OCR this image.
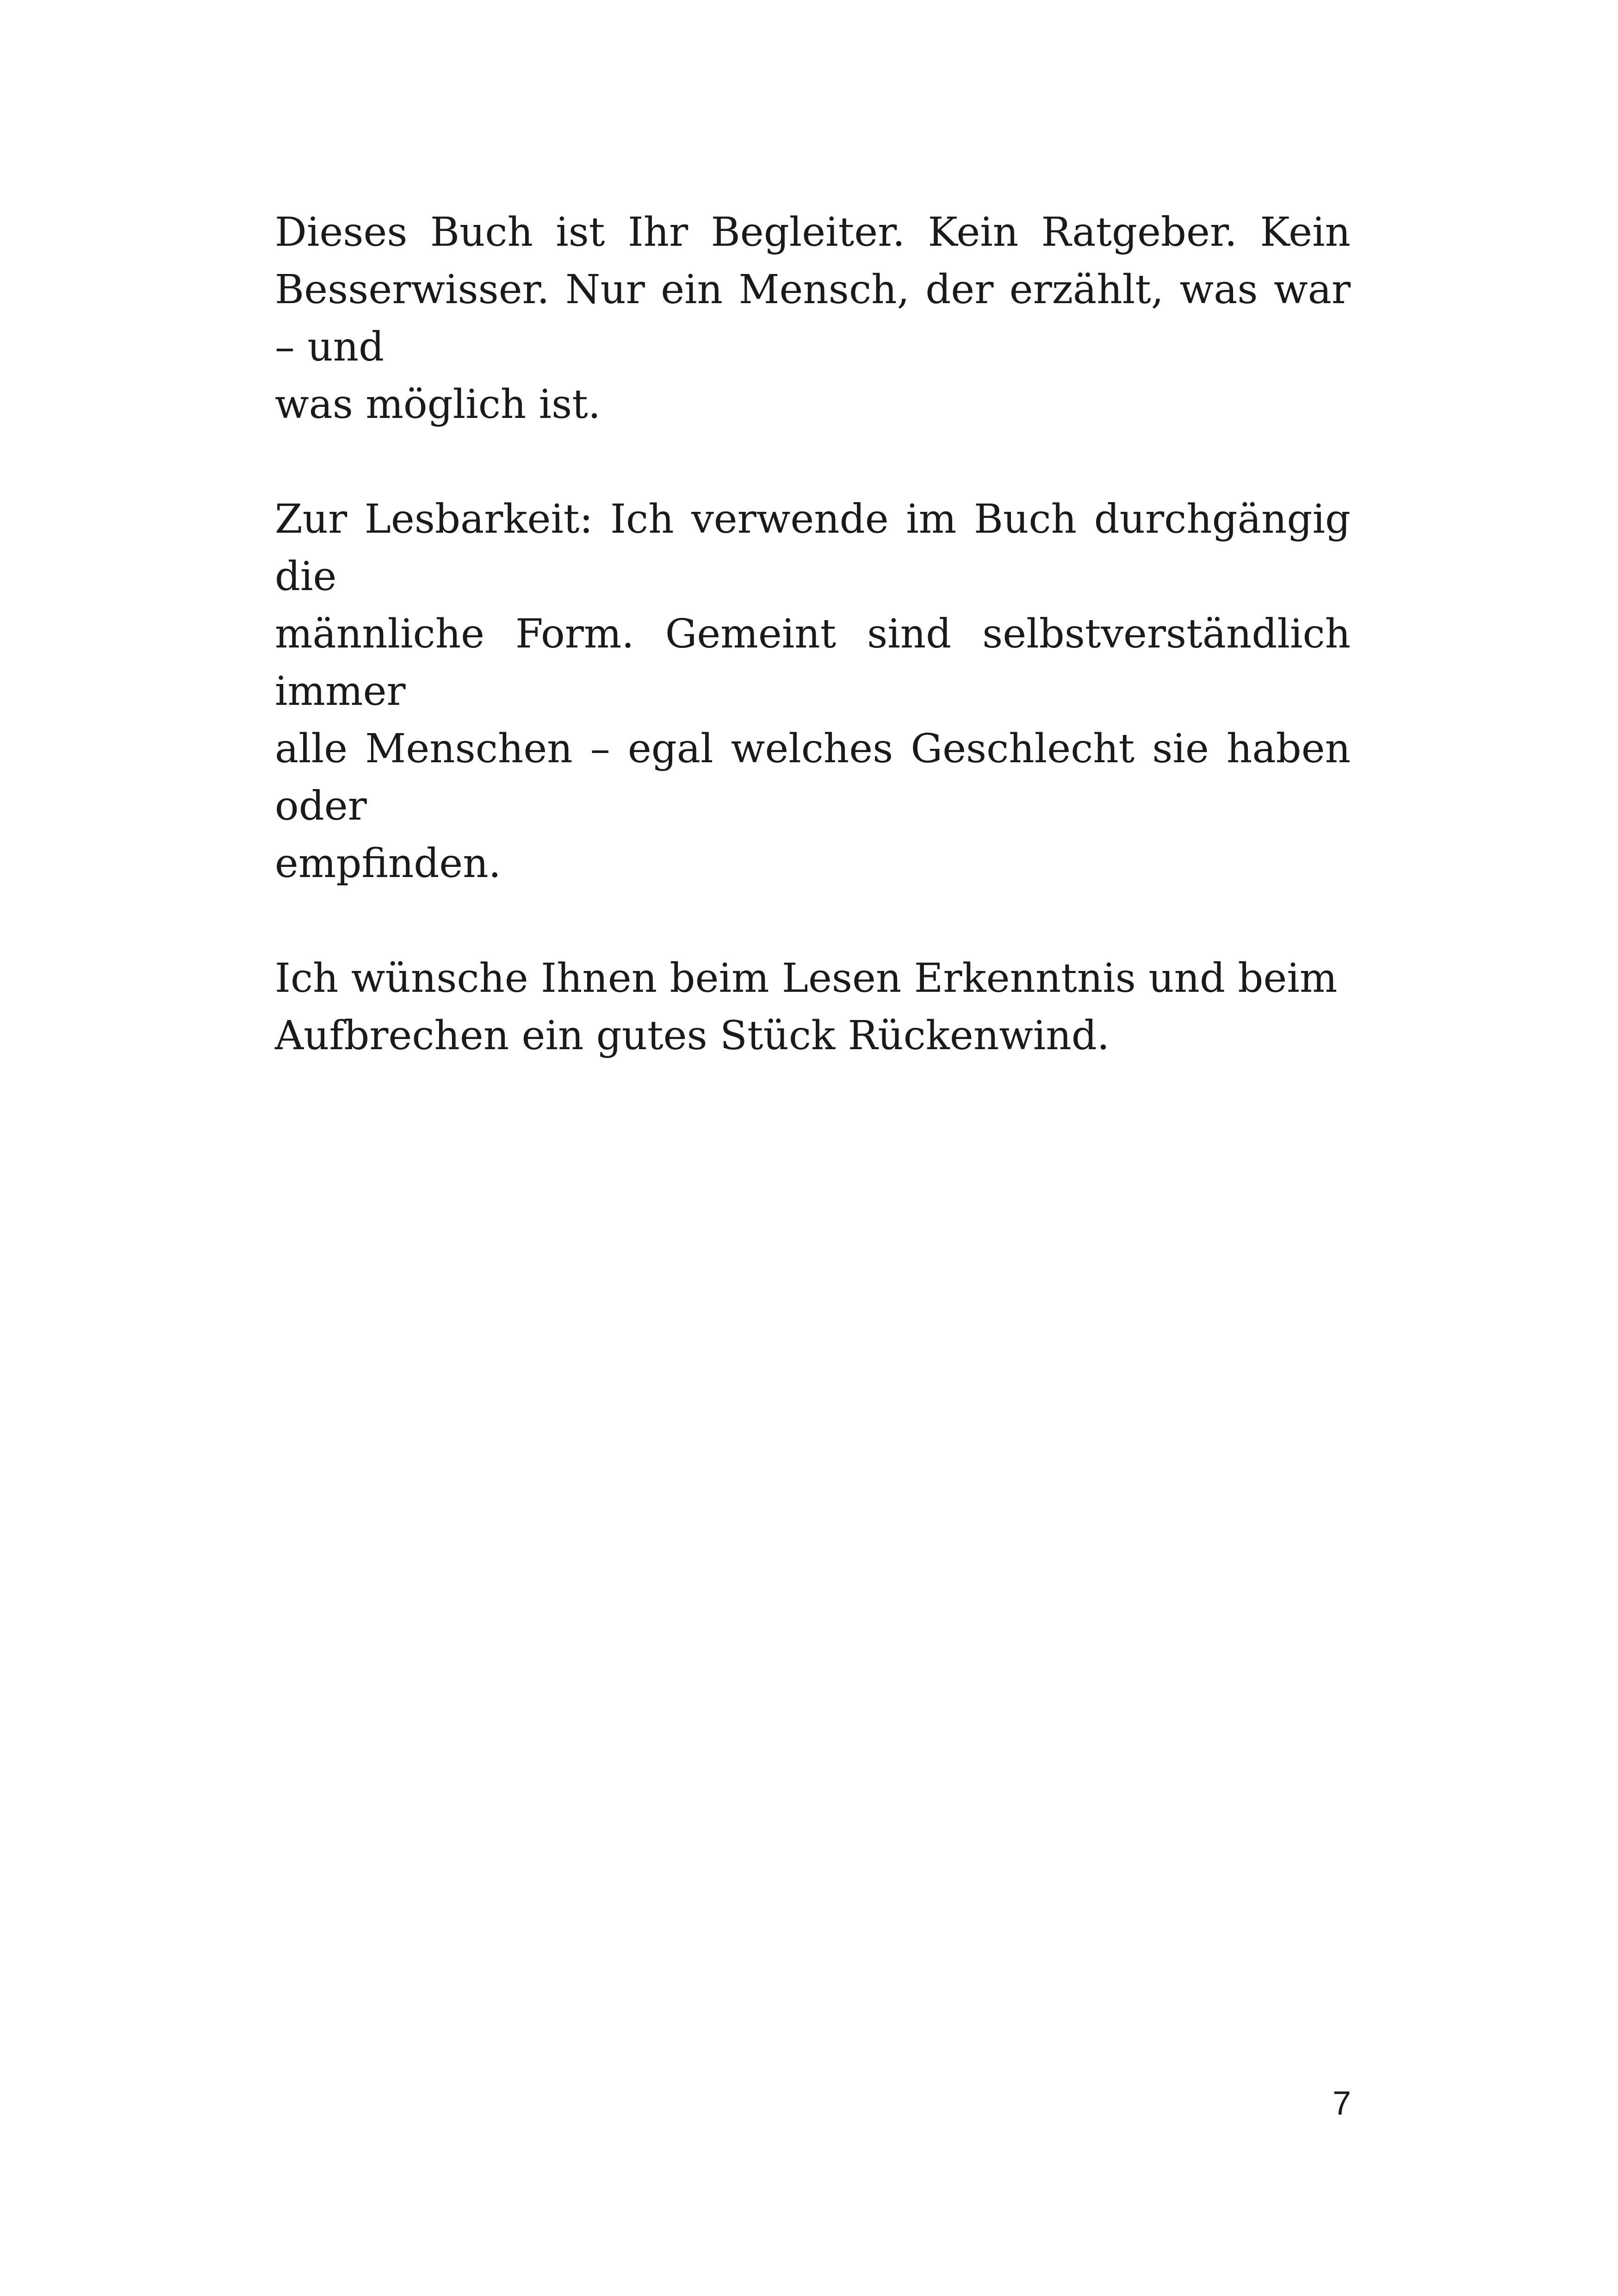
Dieses Buch ist Ihr Begleiter. Kein Ratgeber. Kein
Besserwisser. Nur ein Mensch, der erzählt, was war – und
was möglich ist.

Zur Lesbarkeit: Ich verwende im Buch durchgängig die
männliche Form. Gemeint sind selbstverständlich immer
alle Menschen – egal welches Geschlecht sie haben oder
empfinden.

Ich wünsche Ihnen beim Lesen Erkenntnis und beim
Aufbrechen ein gutes Stück Rückenwind.

7
